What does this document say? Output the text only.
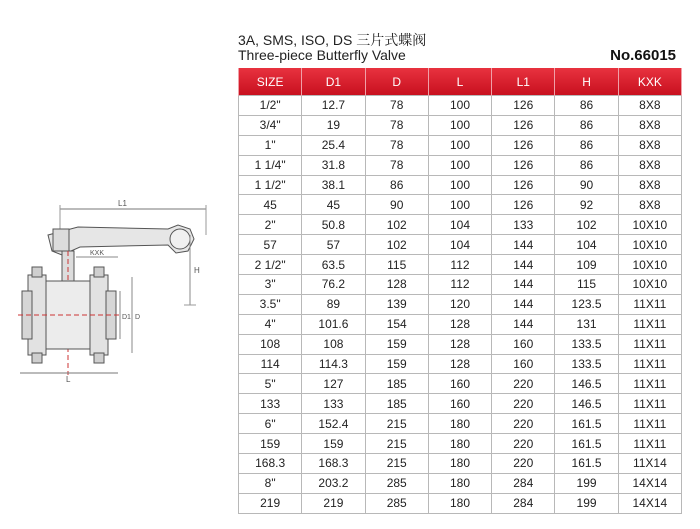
3A, SMS, ISO, DS 三片式蝶阀
Three-piece Butterfly Valve	No.66015
L1
KXK
H
D1 D
L
SIZE	D1	D	L	L1	H	KXK
1/2"	12.7	78	100	126	86	8X8
3/4"	19	78	100	126	86	8X8
1"	25.4	78	100	126	86	8X8
1 1/4"	31.8	78	100	126	86	8X8
1 1/2"	38.1	86	100	126	90	8X8
45	45	90	100	126	92	8X8
2"	50.8	102	104	133	102	10X10
57	57	102	104	144	104	10X10
2 1/2"	63.5	115	112	144	109	10X10
3"	76.2	128	112	144	115	10X10
3.5"	89	139	120	144	123.5	11X11
4"	101.6	154	128	144	131	11X11
108	108	159	128	160	133.5	11X11
114	114.3	159	128	160	133.5	11X11
5"	127	185	160	220	146.5	11X11
133	133	185	160	220	146.5	11X11
6"	152.4	215	180	220	161.5	11X11
159	159	215	180	220	161.5	11X11
168.3	168.3	215	180	220	161.5	11X14
8"	203.2	285	180	284	199	14X14
219	219	285	180	284	199	14X14
